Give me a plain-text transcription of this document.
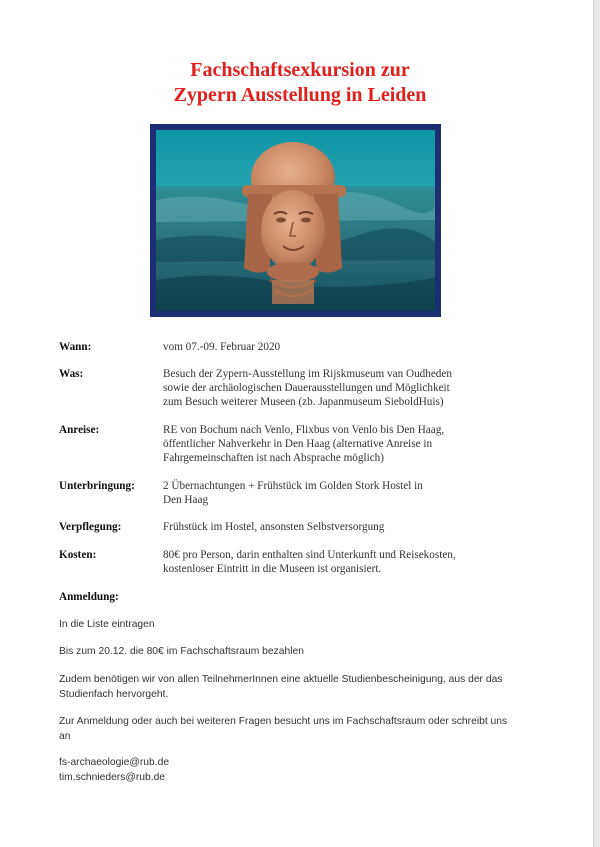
Fachschaftsexkursion zur
Zypern Ausstellung in Leiden
Wann:	vom 07.-09. Februar 2020
Was:	Besuch der Zypern-Ausstellung im Rijskmuseum van Oudheden
sowie der archäologischen Dauerausstellungen und Möglichkeit
zum Besuch weiterer Museen (zb. Japanmuseum SieboldHuis)
Anreise:	RE von Bochum nach Venlo, Flixbus von Venlo bis Den Haag,
öffentlicher Nahverkehr in Den Haag (alternative Anreise in
Fahrgemeinschaften ist nach Absprache möglich)
Unterbringung:	2 Übernachtungen + Frühstück im Golden Stork Hostel in
Den Haag
Verpflegung:	Frühstück im Hostel, ansonsten Selbstversorgung
Kosten:	80€ pro Person, darin enthalten sind Unterkunft und Reisekosten,
kostenloser Eintritt in die Museen ist organisiert.
Anmeldung:
In die Liste eintragen
Bis zum 20.12. die 80€ im Fachschaftsraum bezahlen
Zudem benötigen wir von allen TeilnehmerInnen eine aktuelle Studienbescheinigung, aus der das
Studienfach hervorgeht.
Zur Anmeldung oder auch bei weiteren Fragen besucht uns im Fachschaftsraum oder schreibt uns
an
fs-archaeologie@rub.de
tim.schnieders@rub.de
